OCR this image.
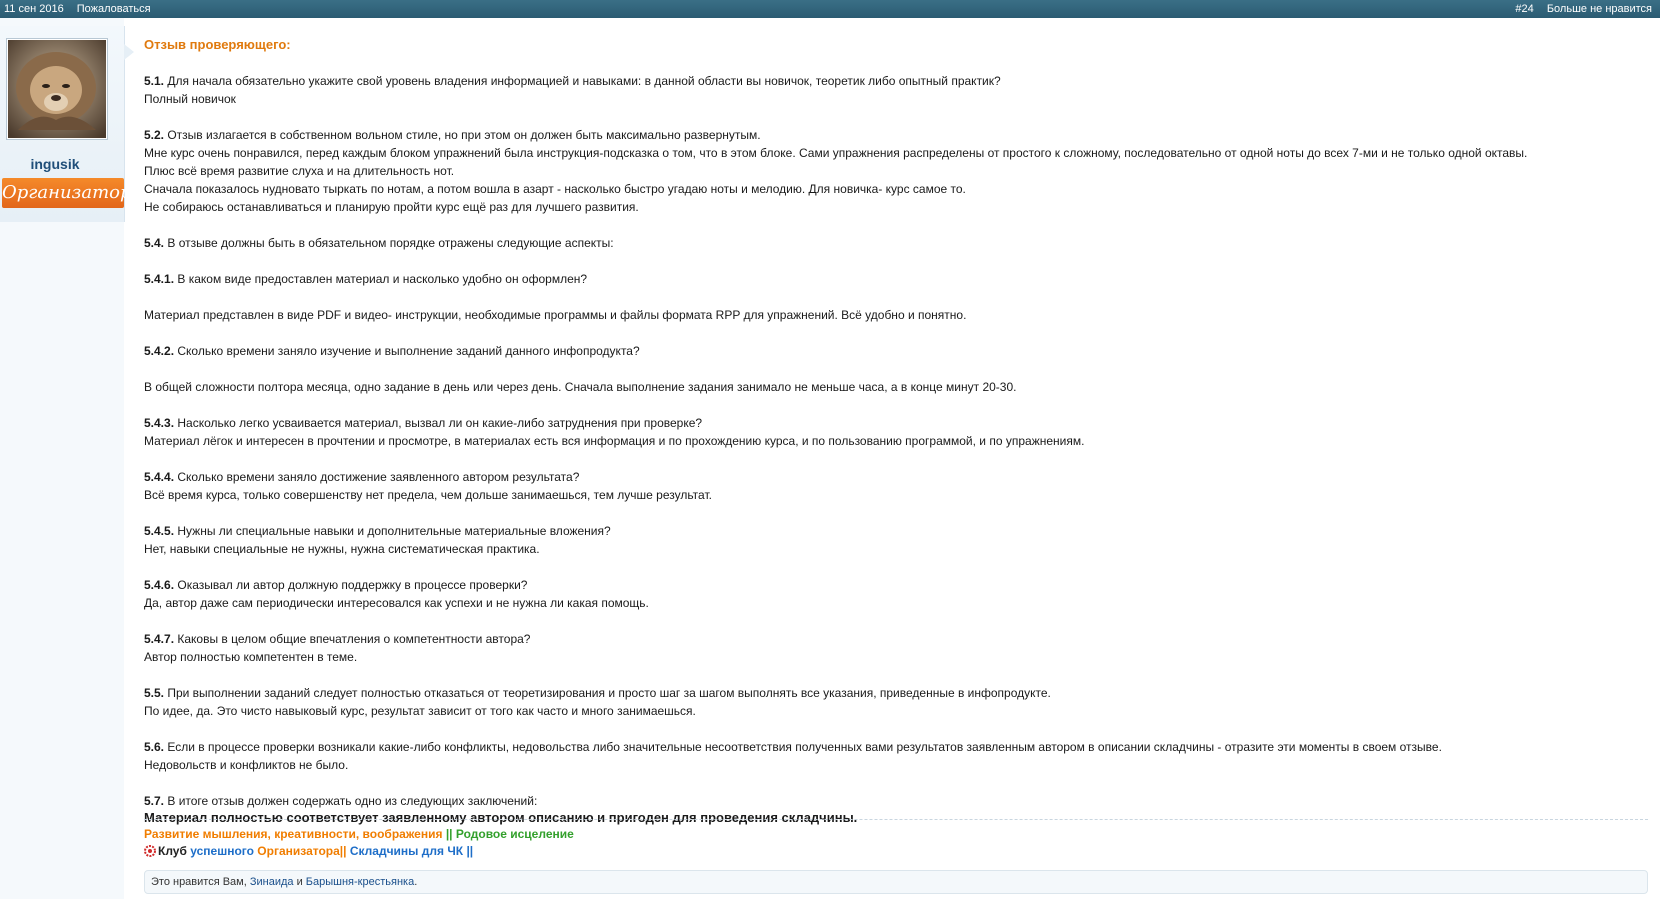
11 сен 2016 Пожаловаться	#24 Больше не нравится
ingusik
Организатор
Отзыв проверяющего:
5.1. Для начала обязательно укажите свой уровень владения информацией и навыками: в данной области вы новичок, теоретик либо опытный практик?
Полный новичок
5.2. Отзыв излагается в собственном вольном стиле, но при этом он должен быть максимально развернутым.
Мне курс очень понравился, перед каждым блоком упражнений была инструкция-подсказка о том, что в этом блоке. Сами упражнения распределены от простого к сложному, последовательно от одной ноты до всех 7-ми и не только одной октавы.
Плюс всё время развитие слуха и на длительность нот.
Сначала показалось нудновато тыркать по нотам, а потом вошла в азарт - насколько быстро угадаю ноты и мелодию. Для новичка- курс самое то.
Не собираюсь останавливаться и планирую пройти курс ещё раз для лучшего развития.
5.4. В отзыве должны быть в обязательном порядке отражены следующие аспекты:
5.4.1. В каком виде предоставлен материал и насколько удобно он оформлен?

Материал представлен в виде PDF и видео- инструкции, необходимые программы и файлы формата RPP для упражнений. Всё удобно и понятно.
5.4.2. Сколько времени заняло изучение и выполнение заданий данного инфопродукта?

В общей сложности полтора месяца, одно задание в день или через день. Сначала выполнение задания занимало не меньше часа, а в конце минут 20-30.
5.4.3. Насколько легко усваивается материал, вызвал ли он какие-либо затруднения при проверке?
Материал лёгок и интересен в прочтении и просмотре, в материалах есть вся информация и по прохождению курса, и по пользованию программой, и по упражнениям.
5.4.4. Сколько времени заняло достижение заявленного автором результата?
Всё время курса, только совершенству нет предела, чем дольше занимаешься, тем лучше результат.
5.4.5. Нужны ли специальные навыки и дополнительные материальные вложения?
Нет, навыки специальные не нужны, нужна систематическая практика.
5.4.6. Оказывал ли автор должную поддержку в процессе проверки?
Да, автор даже сам периодически интересовался как успехи и не нужна ли какая помощь.
5.4.7. Каковы в целом общие впечатления о компетентности автора?
Автор полностью компетентен в теме.
5.5. При выполнении заданий следует полностью отказаться от теоретизирования и просто шаг за шагом выполнять все указания, приведенные в инфопродукте.
По идее, да. Это чисто навыковый курс, результат зависит от того как часто и много занимаешься.
5.6. Если в процессе проверки возникали какие-либо конфликты, недовольства либо значительные несоответствия полученных вами результатов заявленным автором в описании складчины - отразите эти моменты в своем отзыве.
Недовольств и конфликтов не было.
5.7. В итоге отзыв должен содержать одно из следующих заключений:
Материал полностью соответствует заявленному автором описанию и пригоден для проведения складчины.
Развитие мышления, креативности, воображения || Родовое исцеление
Клуб успешного Организатора|| Складчины для ЧК ||
Это нравится Вам, Зинаида и Барышня-крестьянка.
